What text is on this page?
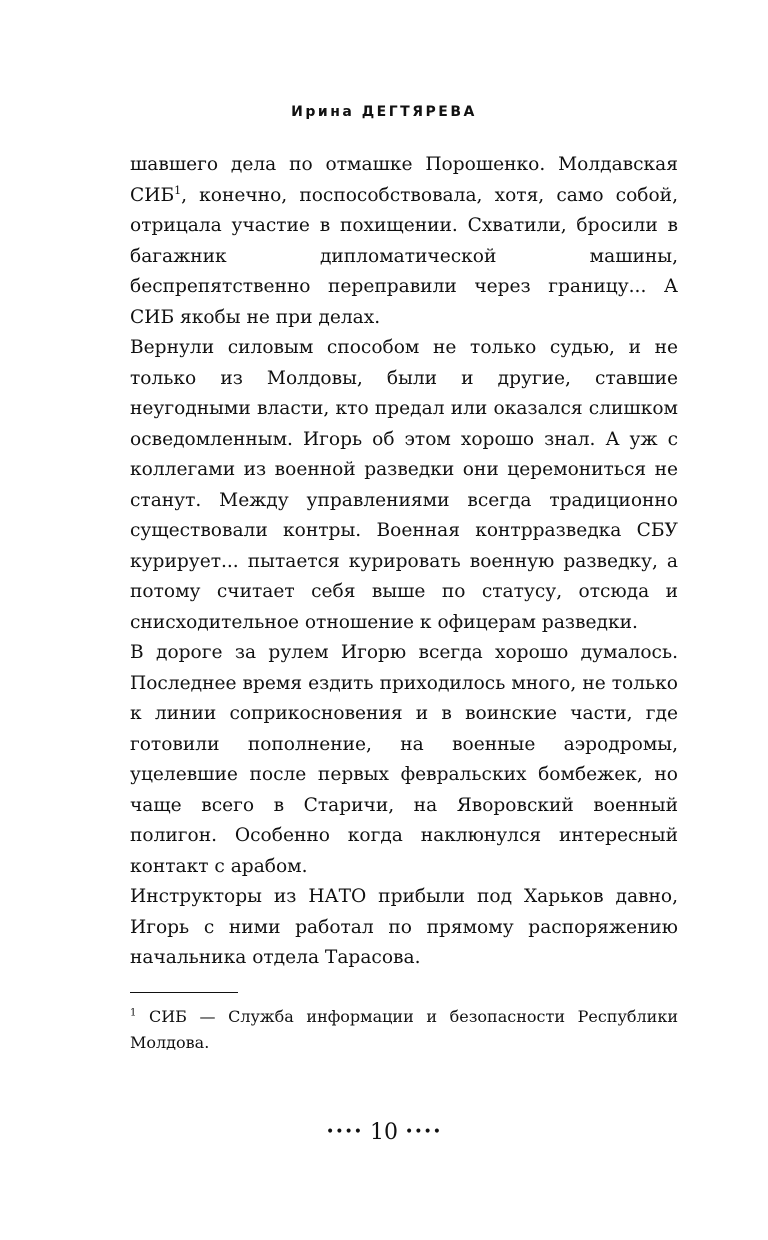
Ирина ДЕГТЯРЕВА

шавшего дела по отмашке Порошенко. Молдавская СИБ$^1$, конечно, поспособствовала, хотя, само собой, отрицала участие в похищении. Схватили, бросили в багажник дипломатической машины, беспрепятственно переправили через границу... А СИБ якобы не при делах.

Вернули силовым способом не только судью, и не только из Молдовы, были и другие, ставшие неугодными власти, кто предал или оказался слишком осведомленным. Игорь об этом хорошо знал. А уж с коллегами из военной разведки они церемониться не станут. Между управлениями всегда традиционно существовали контры. Военная контрразведка СБУ курирует... пытается курировать военную разведку, а потому считает себя выше по статусу, отсюда и снисходительное отношение к офицерам разведки.

В дороге за рулем Игорю всегда хорошо думалось. Последнее время ездить приходилось много, не только к линии соприкосновения и в воинские части, где готовили пополнение, на военные аэродромы, уцелевшие после первых февральских бомбежек, но чаще всего в Старичи, на Яворовский военный полигон. Особенно когда наклюнулся интересный контакт с арабом.

Инструкторы из НАТО прибыли под Харьков давно, Игорь с ними работал по прямому распоряжению начальника отдела Тарасова.

$^1$ СИБ — Служба информации и безопасности Республики Молдова.
•••• 10 ••••
